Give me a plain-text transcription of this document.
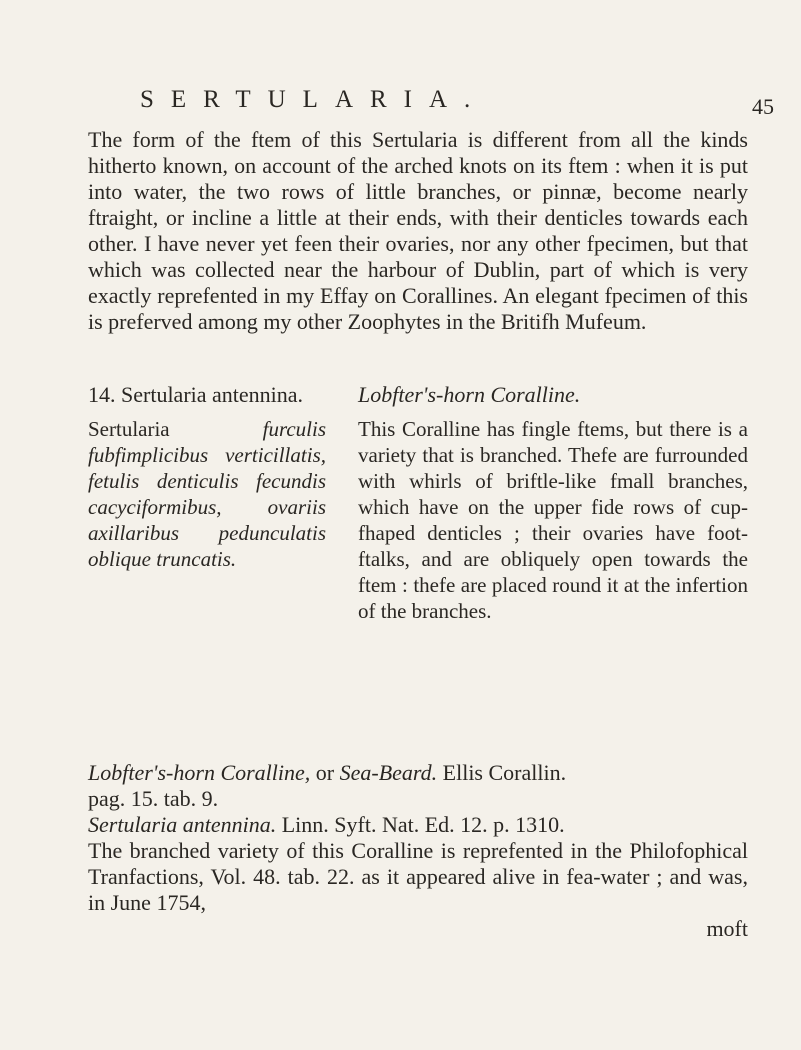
SERTULARIA.	45

The form of the ftem of this Sertularia is different from all the kinds hitherto known, on account of the arched knots on its ftem : when it is put into water, the two rows of little branches, or pinnæ, become nearly ftraight, or incline a little at their ends, with their denticles towards each other. I have never yet feen their ovaries, nor any other fpecimen, but that which was collected near the harbour of Dublin, part of which is very exactly reprefented in my Effay on Corallines. An elegant fpecimen of this is preferved among my other Zoophytes in the Britifh Mufeum.

14. Sertularia antennina.

Sertularia furculis fubfimplicibus verticillatis, fetulis denticulis fecundis cacyciformibus, ovariis axillaribus pedunculatis oblique truncatis.

Lobfter's-horn Coralline.

This Coralline has fingle ftems, but there is a variety that is branched. Thefe are furrounded with whirls of briftle-like fmall branches, which have on the upper fide rows of cup-fhaped denticles ; their ovaries have foot-ftalks, and are obliquely open towards the ftem : thefe are placed round it at the infertion of the branches.

Lobfter's-horn Coralline, or Sea-Beard. Ellis Corallin.

pag. 15. tab. 9.

Sertularia antennina. Linn. Syft. Nat. Ed. 12. p. 1310.

The branched variety of this Coralline is reprefented in the Philofophical Tranfactions, Vol. 48. tab. 22. as it appeared alive in fea-water ; and was, in June 1754,

moft
